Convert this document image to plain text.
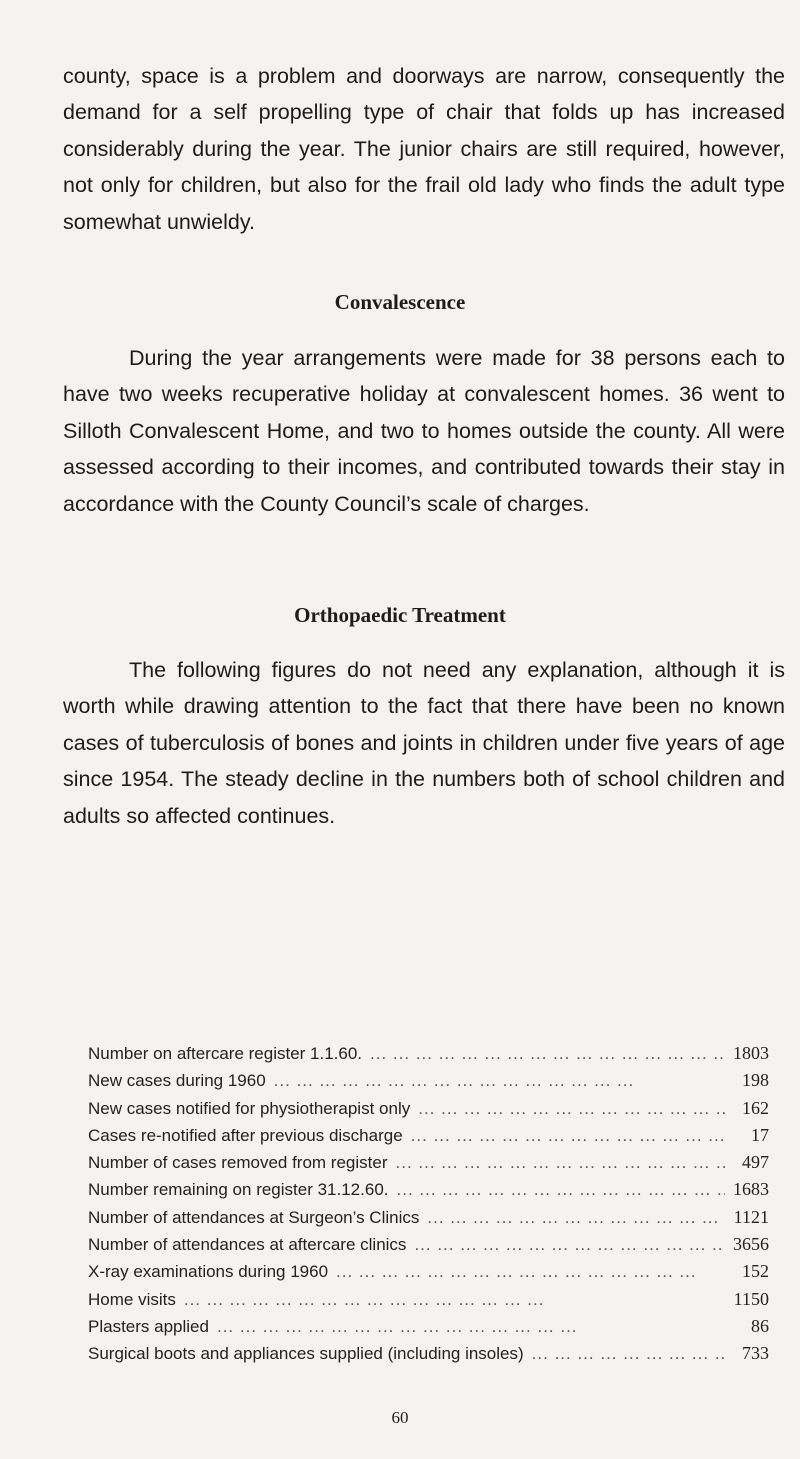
county, space is a problem and doorways are narrow, consequently the demand for a self propelling type of chair that folds up has increased considerably during the year. The junior chairs are still required, however, not only for children, but also for the frail old lady who finds the adult type somewhat unwieldy.

Convalescence

During the year arrangements were made for 38 persons each to have two weeks recuperative holiday at convalescent homes. 36 went to Silloth Convalescent Home, and two to homes outside the county. All were assessed according to their incomes, and contributed towards their stay in accordance with the County Council’s scale of charges.

Orthopaedic Treatment

The following figures do not need any explanation, although it is worth while drawing attention to the fact that there have been no known cases of tuberculosis of bones and joints in children under five years of age since 1954. The steady decline in the numbers both of school children and adults so affected continues.

Number on aftercare register 1.1.60. ...	1803
New cases during 1960 ...	198
New cases notified for physiotherapist only ...	162
Cases re-notified after previous discharge ...	17
Number of cases removed from register ...	497
Number remaining on register 31.12.60. ...	1683
Number of attendances at Surgeon’s Clinics ...	1121
Number of attendances at aftercare clinics ...	3656
X-ray examinations during 1960 ...	152
Home visits ...	1150
Plasters applied ...	86
Surgical boots and appliances supplied (including insoles) ...	733
60
